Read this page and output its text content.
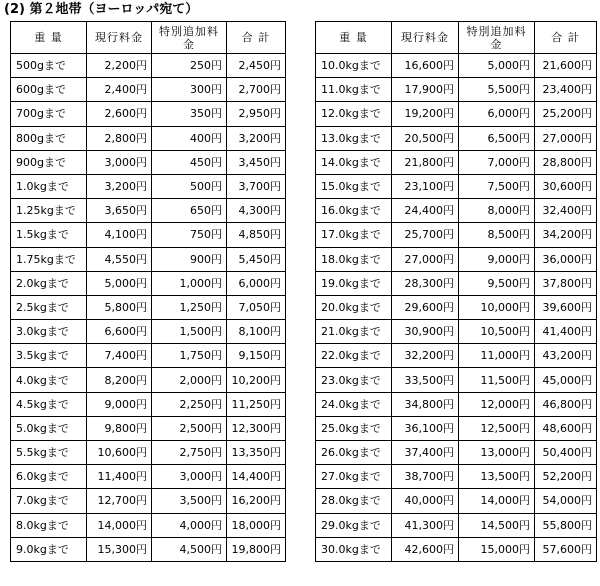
(2) 第２地帯（ヨーロッパ宛て）
重 量	現行料金	特別追加料金	合 計
500gまで	2,200円	250円	2,450円
600gまで	2,400円	300円	2,700円
700gまで	2,600円	350円	2,950円
800gまで	2,800円	400円	3,200円
900gまで	3,000円	450円	3,450円
1.0kgまで	3,200円	500円	3,700円
1.25kgまで	3,650円	650円	4,300円
1.5kgまで	4,100円	750円	4,850円
1.75kgまで	4,550円	900円	5,450円
2.0kgまで	5,000円	1,000円	6,000円
2.5kgまで	5,800円	1,250円	7,050円
3.0kgまで	6,600円	1,500円	8,100円
3.5kgまで	7,400円	1,750円	9,150円
4.0kgまで	8,200円	2,000円	10,200円
4.5kgまで	9,000円	2,250円	11,250円
5.0kgまで	9,800円	2,500円	12,300円
5.5kgまで	10,600円	2,750円	13,350円
6.0kgまで	11,400円	3,000円	14,400円
7.0kgまで	12,700円	3,500円	16,200円
8.0kgまで	14,000円	4,000円	18,000円
9.0kgまで	15,300円	4,500円	19,800円
重 量	現行料金	特別追加料金	合 計
10.0kgまで	16,600円	5,000円	21,600円
11.0kgまで	17,900円	5,500円	23,400円
12.0kgまで	19,200円	6,000円	25,200円
13.0kgまで	20,500円	6,500円	27,000円
14.0kgまで	21,800円	7,000円	28,800円
15.0kgまで	23,100円	7,500円	30,600円
16.0kgまで	24,400円	8,000円	32,400円
17.0kgまで	25,700円	8,500円	34,200円
18.0kgまで	27,000円	9,000円	36,000円
19.0kgまで	28,300円	9,500円	37,800円
20.0kgまで	29,600円	10,000円	39,600円
21.0kgまで	30,900円	10,500円	41,400円
22.0kgまで	32,200円	11,000円	43,200円
23.0kgまで	33,500円	11,500円	45,000円
24.0kgまで	34,800円	12,000円	46,800円
25.0kgまで	36,100円	12,500円	48,600円
26.0kgまで	37,400円	13,000円	50,400円
27.0kgまで	38,700円	13,500円	52,200円
28.0kgまで	40,000円	14,000円	54,000円
29.0kgまで	41,300円	14,500円	55,800円
30.0kgまで	42,600円	15,000円	57,600円
